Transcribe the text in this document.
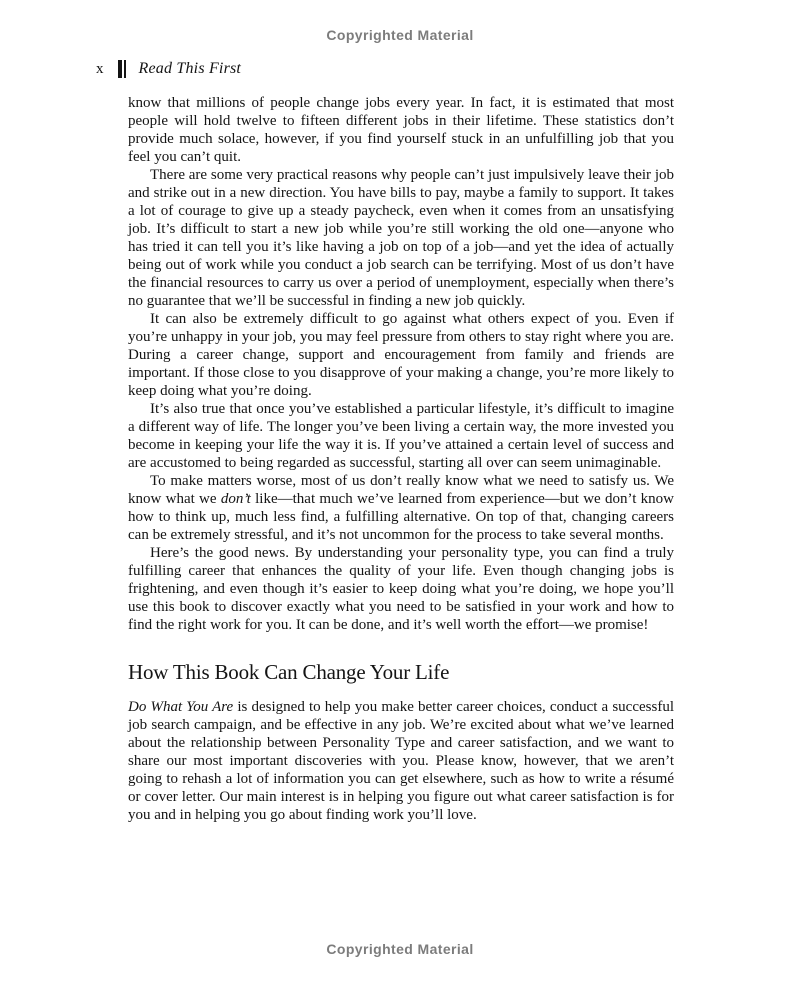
Copyrighted Material
x Read This First

know that millions of people change jobs every year. In fact, it is estimated that most people will hold twelve to fifteen different jobs in their lifetime. These statistics don’t provide much solace, however, if you find yourself stuck in an unfulfilling job that you feel you can’t quit.

There are some very practical reasons why people can’t just impulsively leave their job and strike out in a new direction. You have bills to pay, maybe a family to support. It takes a lot of courage to give up a steady paycheck, even when it comes from an unsatisfying job. It’s difficult to start a new job while you’re still working the old one—anyone who has tried it can tell you it’s like having a job on top of a job—and yet the idea of actually being out of work while you conduct a job search can be terrifying. Most of us don’t have the financial resources to carry us over a period of unemployment, especially when there’s no guarantee that we’ll be successful in finding a new job quickly.

It can also be extremely difficult to go against what others expect of you. Even if you’re unhappy in your job, you may feel pressure from others to stay right where you are. During a career change, support and encouragement from family and friends are important. If those close to you disapprove of your making a change, you’re more likely to keep doing what you’re doing.

It’s also true that once you’ve established a particular lifestyle, it’s difficult to imagine a different way of life. The longer you’ve been living a certain way, the more invested you become in keeping your life the way it is. If you’ve attained a certain level of success and are accustomed to being regarded as successful, starting all over can seem unimaginable.

To make matters worse, most of us don’t really know what we need to satisfy us. We know what we don’t like—that much we’ve learned from experience—but we don’t know how to think up, much less find, a fulfilling alternative. On top of that, changing careers can be extremely stressful, and it’s not uncommon for the process to take several months.

Here’s the good news. By understanding your personality type, you can find a truly fulfilling career that enhances the quality of your life. Even though changing jobs is frightening, and even though it’s easier to keep doing what you’re doing, we hope you’ll use this book to discover exactly what you need to be satisfied in your work and how to find the right work for you. It can be done, and it’s well worth the effort—we promise!

How This Book Can Change Your Life

Do What You Are is designed to help you make better career choices, conduct a successful job search campaign, and be effective in any job. We’re excited about what we’ve learned about the relationship between Personality Type and career satisfaction, and we want to share our most important discoveries with you. Please know, however, that we aren’t going to rehash a lot of information you can get elsewhere, such as how to write a résumé or cover letter. Our main interest is in helping you figure out what career satisfaction is for you and in helping you go about finding work you’ll love.

Copyrighted Material
